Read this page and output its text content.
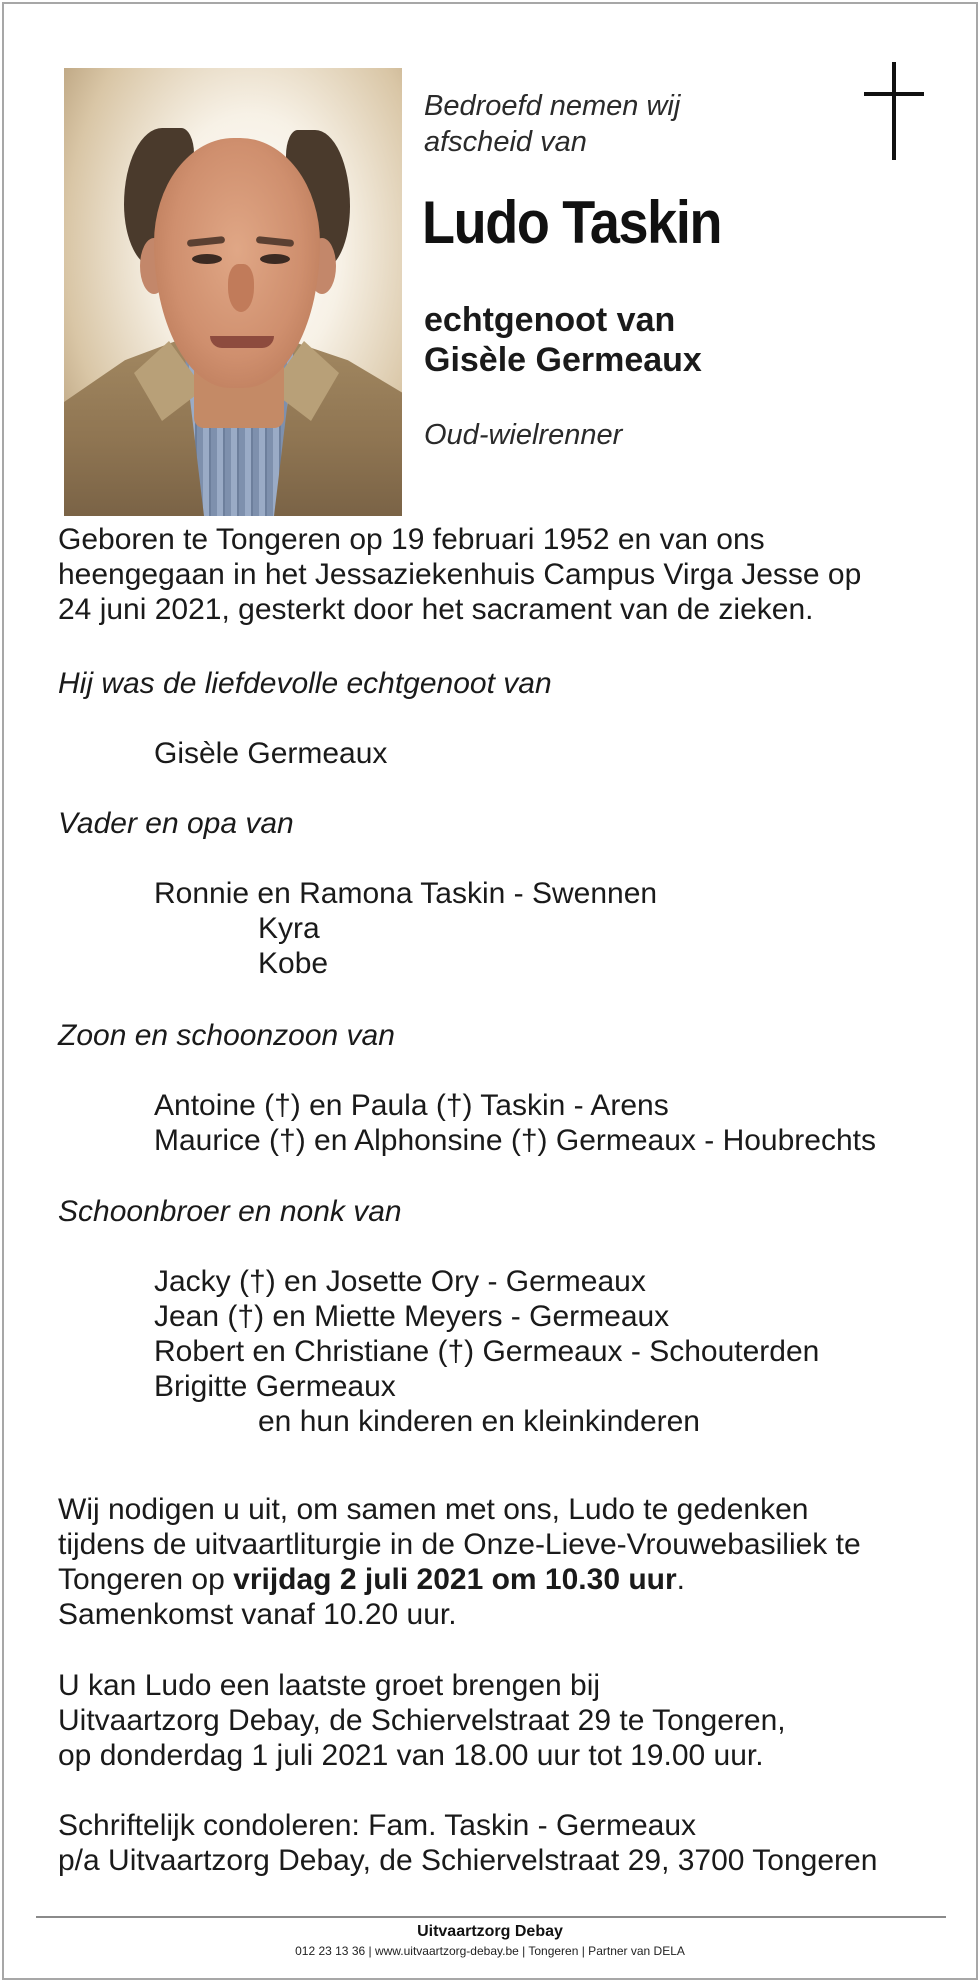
Bedroefd nemen wij afscheid van
Ludo Taskin
echtgenoot van
Gisèle Germeaux
Oud-wielrenner

Geboren te Tongeren op 19 februari 1952 en van ons

heengegaan in het Jessaziekenhuis Campus Virga Jesse op

24 juni 2021, gesterkt door het sacrament van de zieken.

Hij was de liefdevolle echtgenoot van

Gisèle Germeaux

Vader en opa van

Ronnie en Ramona Taskin - Swennen

Kyra

Kobe

Zoon en schoonzoon van

Antoine (†) en Paula (†) Taskin - Arens

Maurice (†) en Alphonsine (†) Germeaux - Houbrechts

Schoonbroer en nonk van

Jacky (†) en Josette Ory - Germeaux

Jean (†) en Miette Meyers - Germeaux

Robert en Christiane (†) Germeaux - Schouterden

Brigitte Germeaux

en hun kinderen en kleinkinderen

Wij nodigen u uit, om samen met ons, Ludo te gedenken

tijdens de uitvaartliturgie in de Onze-Lieve-Vrouwebasiliek te

Tongeren op vrijdag 2 juli 2021 om 10.30 uur.

Samenkomst vanaf 10.20 uur.

U kan Ludo een laatste groet brengen bij

Uitvaartzorg Debay, de Schiervelstraat 29 te Tongeren,

op donderdag 1 juli 2021 van 18.00 uur tot 19.00 uur.

Schriftelijk condoleren: Fam. Taskin - Germeaux

p/a Uitvaartzorg Debay, de Schiervelstraat 29, 3700 Tongeren

Uitvaartzorg Debay
012 23 13 36 | www.uitvaartzorg-debay.be | Tongeren | Partner van DELA
